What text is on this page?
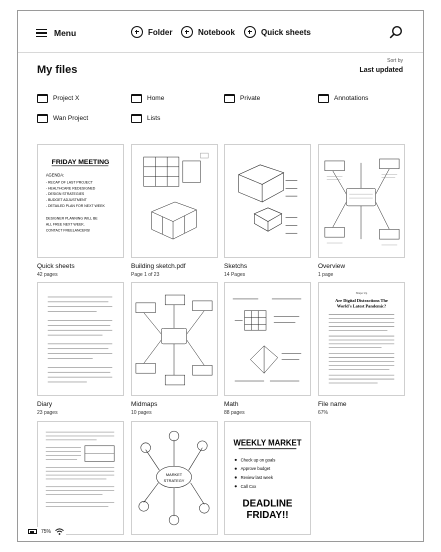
Menu	Folder	Notebook	Quick sheets
My files
Sort by
Last updated
Project X	Home	Private	Annotations
Wan Project	Lists
FRIDAY MEETING
AGENDA:
- RECAP OF LAST PROJECT
- HEALTHCARE REDESIGNED
- DESIGN STRATEGIES
- BUDGET ADJUSTMENT
- DETAILED PLAN FOR NEXT WEEK
DESIGNER PLANNING WILL BE
ALL FREE NEXT WEEK.
CONTACT FREELANCERS!
Quick sheets
42 pages
Building sketch.pdf
Page 1 of 23
Sketchs
14 Pages
Overview
1 page
Diary
23 pages
Midmaps
10 pages
Math
88 pages
Shape Up
Are Digital Distractions The
World's Latest Pandemic?
File name
67%
MARKET
STRATEGY
WEEKLY MARKET
Check up on goals
Approve budget
Review last week
Call Cxx
DEADLINE
FRIDAY!!
75%
